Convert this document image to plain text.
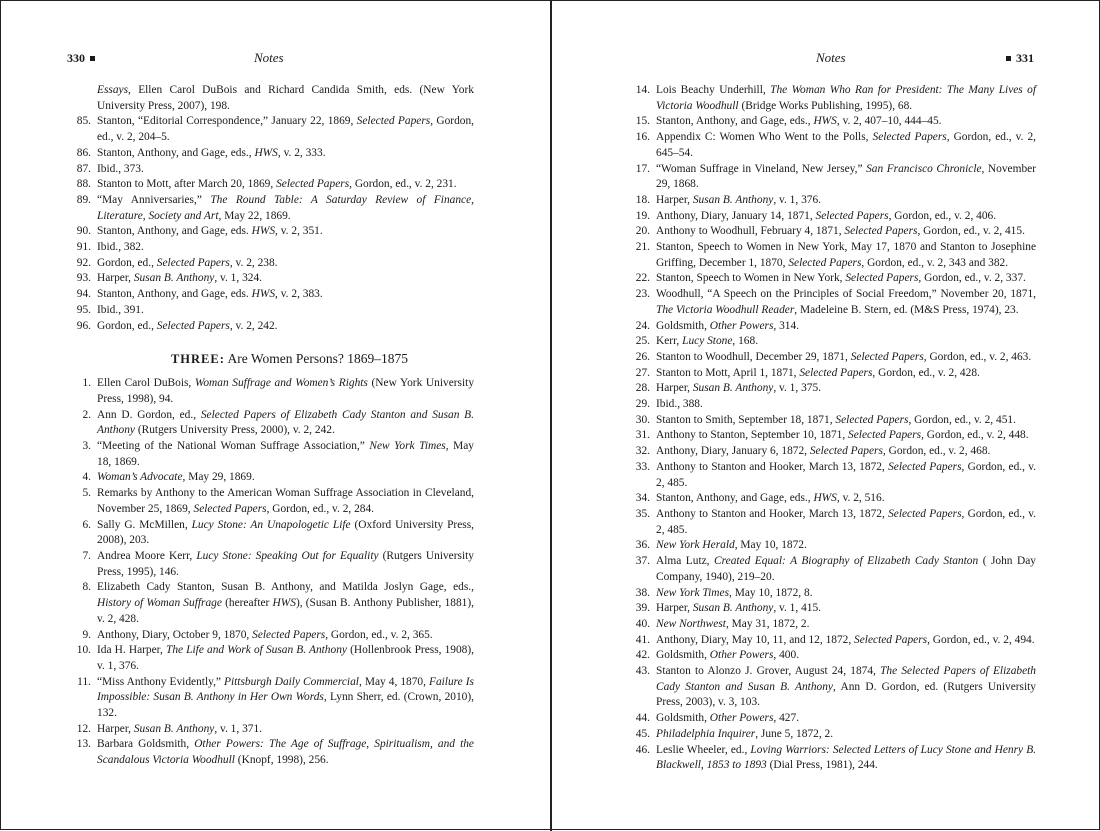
330	Notes
Essays, Ellen Carol DuBois and Richard Candida Smith, eds. (New York University Press, 2007), 198.
85. Stanton, “Editorial Correspondence,” January 22, 1869, Selected Papers, Gordon, ed., v. 2, 204–5.
86. Stanton, Anthony, and Gage, eds., HWS, v. 2, 333.
87. Ibid., 373.
88. Stanton to Mott, after March 20, 1869, Selected Papers, Gordon, ed., v. 2, 231.
89. “May Anniversaries,” The Round Table: A Saturday Review of Finance, Literature, Society and Art, May 22, 1869.
90. Stanton, Anthony, and Gage, eds. HWS, v. 2, 351.
91. Ibid., 382.
92. Gordon, ed., Selected Papers, v. 2, 238.
93. Harper, Susan B. Anthony, v. 1, 324.
94. Stanton, Anthony, and Gage, eds. HWS, v. 2, 383.
95. Ibid., 391.
96. Gordon, ed., Selected Papers, v. 2, 242.
THREE: Are Women Persons? 1869–1875
1. Ellen Carol DuBois, Woman Suffrage and Women’s Rights (New York University Press, 1998), 94.
2. Ann D. Gordon, ed., Selected Papers of Elizabeth Cady Stanton and Susan B. Anthony (Rutgers University Press, 2000), v. 2, 242.
3. “Meeting of the National Woman Suffrage Association,” New York Times, May 18, 1869.
4. Woman’s Advocate, May 29, 1869.
5. Remarks by Anthony to the American Woman Suffrage Association in Cleveland, November 25, 1869, Selected Papers, Gordon, ed., v. 2, 284.
6. Sally G. McMillen, Lucy Stone: An Unapologetic Life (Oxford University Press, 2008), 203.
7. Andrea Moore Kerr, Lucy Stone: Speaking Out for Equality (Rutgers University Press, 1995), 146.
8. Elizabeth Cady Stanton, Susan B. Anthony, and Matilda Joslyn Gage, eds., History of Woman Suffrage (hereafter HWS), (Susan B. Anthony Publisher, 1881), v. 2, 428.
9. Anthony, Diary, October 9, 1870, Selected Papers, Gordon, ed., v. 2, 365.
10. Ida H. Harper, The Life and Work of Susan B. Anthony (Hollenbrook Press, 1908), v. 1, 376.
11. “Miss Anthony Evidently,” Pittsburgh Daily Commercial, May 4, 1870, Failure Is Impossible: Susan B. Anthony in Her Own Words, Lynn Sherr, ed. (Crown, 2010), 132.
12. Harper, Susan B. Anthony, v. 1, 371.
13. Barbara Goldsmith, Other Powers: The Age of Suffrage, Spiritualism, and the Scandalous Victoria Woodhull (Knopf, 1998), 256.
Notes	331
14. Lois Beachy Underhill, The Woman Who Ran for President: The Many Lives of Victoria Woodhull (Bridge Works Publishing, 1995), 68.
15. Stanton, Anthony, and Gage, eds., HWS, v. 2, 407–10, 444–45.
16. Appendix C: Women Who Went to the Polls, Selected Papers, Gordon, ed., v. 2, 645–54.
17. “Woman Suffrage in Vineland, New Jersey,” San Francisco Chronicle, November 29, 1868.
18. Harper, Susan B. Anthony, v. 1, 376.
19. Anthony, Diary, January 14, 1871, Selected Papers, Gordon, ed., v. 2, 406.
20. Anthony to Woodhull, February 4, 1871, Selected Papers, Gordon, ed., v. 2, 415.
21. Stanton, Speech to Women in New York, May 17, 1870 and Stanton to Josephine Griffing, December 1, 1870, Selected Papers, Gordon, ed., v. 2, 343 and 382.
22. Stanton, Speech to Women in New York, Selected Papers, Gordon, ed., v. 2, 337.
23. Woodhull, “A Speech on the Principles of Social Freedom,” November 20, 1871, The Victoria Woodhull Reader, Madeleine B. Stern, ed. (M&S Press, 1974), 23.
24. Goldsmith, Other Powers, 314.
25. Kerr, Lucy Stone, 168.
26. Stanton to Woodhull, December 29, 1871, Selected Papers, Gordon, ed., v. 2, 463.
27. Stanton to Mott, April 1, 1871, Selected Papers, Gordon, ed., v. 2, 428.
28. Harper, Susan B. Anthony, v. 1, 375.
29. Ibid., 388.
30. Stanton to Smith, September 18, 1871, Selected Papers, Gordon, ed., v. 2, 451.
31. Anthony to Stanton, September 10, 1871, Selected Papers, Gordon, ed., v. 2, 448.
32. Anthony, Diary, January 6, 1872, Selected Papers, Gordon, ed., v. 2, 468.
33. Anthony to Stanton and Hooker, March 13, 1872, Selected Papers, Gordon, ed., v. 2, 485.
34. Stanton, Anthony, and Gage, eds., HWS, v. 2, 516.
35. Anthony to Stanton and Hooker, March 13, 1872, Selected Papers, Gordon, ed., v. 2, 485.
36. New York Herald, May 10, 1872.
37. Alma Lutz, Created Equal: A Biography of Elizabeth Cady Stanton ( John Day Company, 1940), 219–20.
38. New York Times, May 10, 1872, 8.
39. Harper, Susan B. Anthony, v. 1, 415.
40. New Northwest, May 31, 1872, 2.
41. Anthony, Diary, May 10, 11, and 12, 1872, Selected Papers, Gordon, ed., v. 2, 494.
42. Goldsmith, Other Powers, 400.
43. Stanton to Alonzo J. Grover, August 24, 1874, The Selected Papers of Elizabeth Cady Stanton and Susan B. Anthony, Ann D. Gordon, ed. (Rutgers University Press, 2003), v. 3, 103.
44. Goldsmith, Other Powers, 427.
45. Philadelphia Inquirer, June 5, 1872, 2.
46. Leslie Wheeler, ed., Loving Warriors: Selected Letters of Lucy Stone and Henry B. Blackwell, 1853 to 1893 (Dial Press, 1981), 244.
